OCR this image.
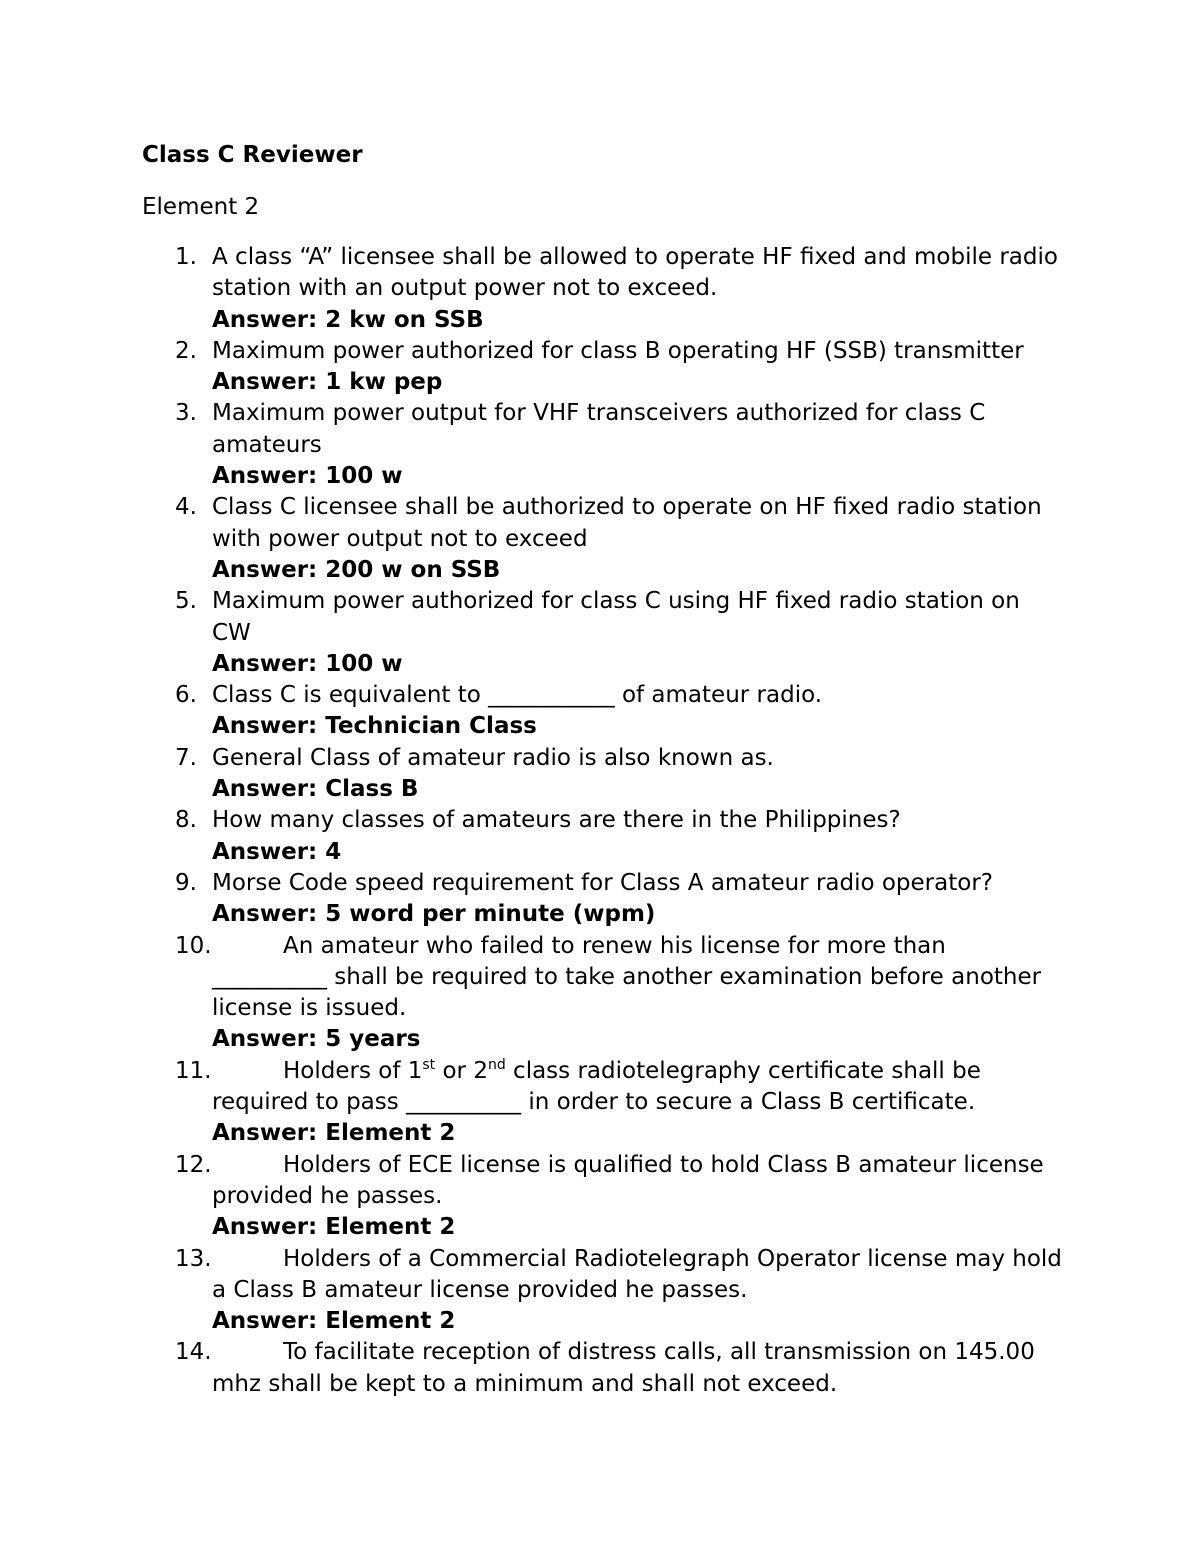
Class C Reviewer

Element 2

1. A class “A” licensee shall be allowed to operate HF fixed and mobile radio station with an output power not to exceed.
Answer: 2 kw on SSB
2. Maximum power authorized for class B operating HF (SSB) transmitter
Answer: 1 kw pep
3. Maximum power output for VHF transceivers authorized for class C amateurs
Answer: 100 w
4. Class C licensee shall be authorized to operate on HF fixed radio station with power output not to exceed
Answer: 200 w on SSB
5. Maximum power authorized for class C using HF fixed radio station on CW
Answer: 100 w
6. Class C is equivalent to ___________ of amateur radio.
Answer: Technician Class
7. General Class of amateur radio is also known as.
Answer: Class B
8. How many classes of amateurs are there in the Philippines?
Answer: 4
9. Morse Code speed requirement for Class A amateur radio operator?
Answer: 5 word per minute (wpm)
10.	An amateur who failed to renew his license for more than __________ shall be required to take another examination before another license is issued.
Answer: 5 years
11.	Holders of 1st or 2nd class radiotelegraphy certificate shall be required to pass __________ in order to secure a Class B certificate.
Answer: Element 2
12.	Holders of ECE license is qualified to hold Class B amateur license provided he passes.
Answer: Element 2
13.	Holders of a Commercial Radiotelegraph Operator license may hold a Class B amateur license provided he passes.
Answer: Element 2
14.	To facilitate reception of distress calls, all transmission on 145.00 mhz shall be kept to a minimum and shall not exceed.
